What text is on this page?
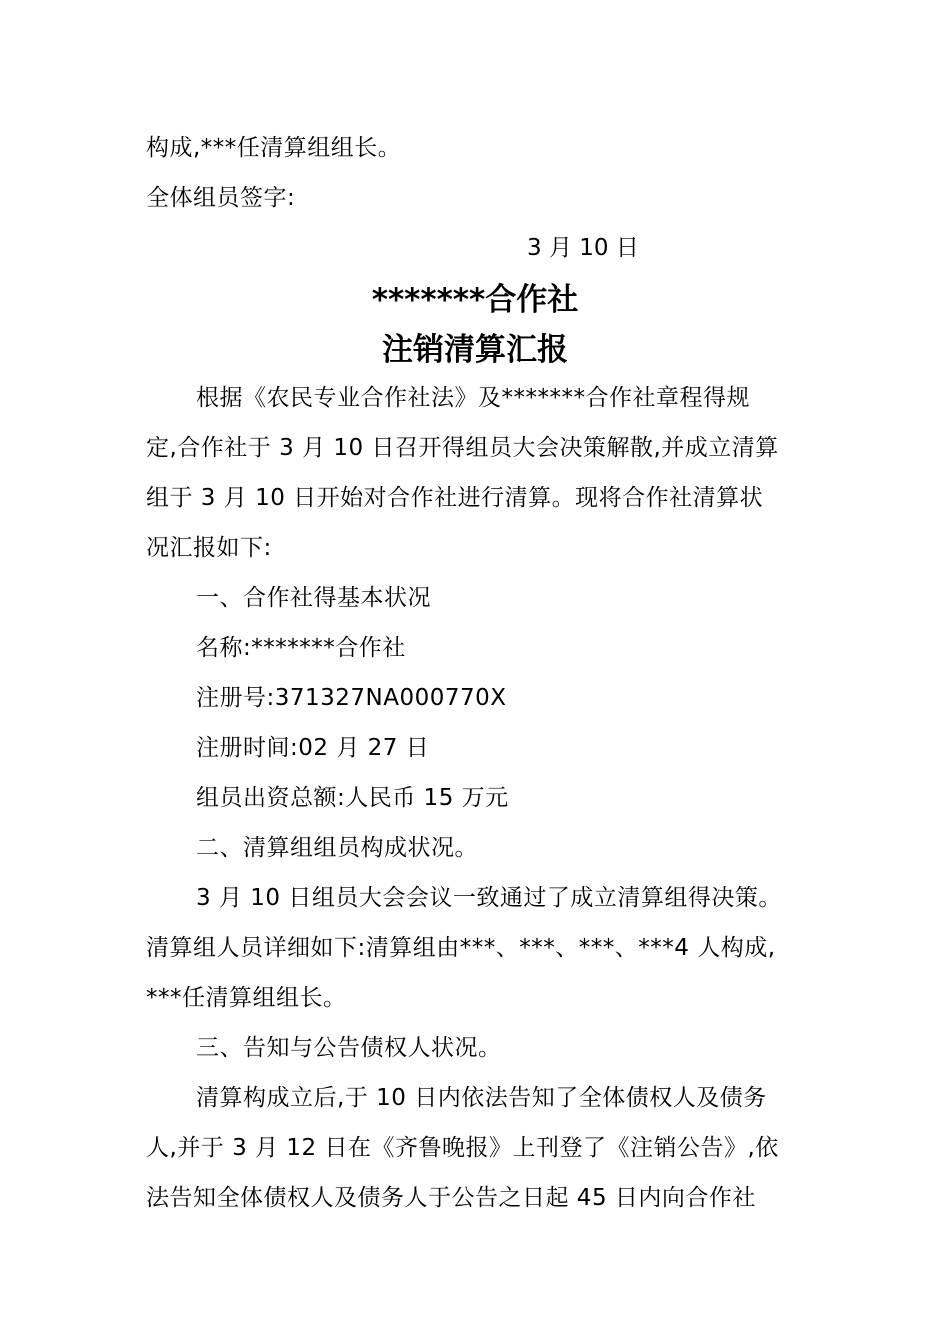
构成,***任清算组组长。
全体组员签字:
3 月 10 日
*******合作社
注销清算汇报
根据《农民专业合作社法》及*******合作社章程得规
定,合作社于 3 月 10 日召开得组员大会决策解散,并成立清算
组于 3 月 10 日开始对合作社进行清算。现将合作社清算状
况汇报如下:
一、合作社得基本状况
名称:*******合作社
注册号:371327NA000770X
注册时间:02 月 27 日
组员出资总额:人民币 15 万元
二、清算组组员构成状况。
3 月 10 日组员大会会议一致通过了成立清算组得决策。
清算组人员详细如下:清算组由***、***、***、***4 人构成,
***任清算组组长。
三、告知与公告债权人状况。
清算构成立后,于 10 日内依法告知了全体债权人及债务
人,并于 3 月 12 日在《齐鲁晚报》上刊登了《注销公告》,依
法告知全体债权人及债务人于公告之日起 45 日内向合作社
